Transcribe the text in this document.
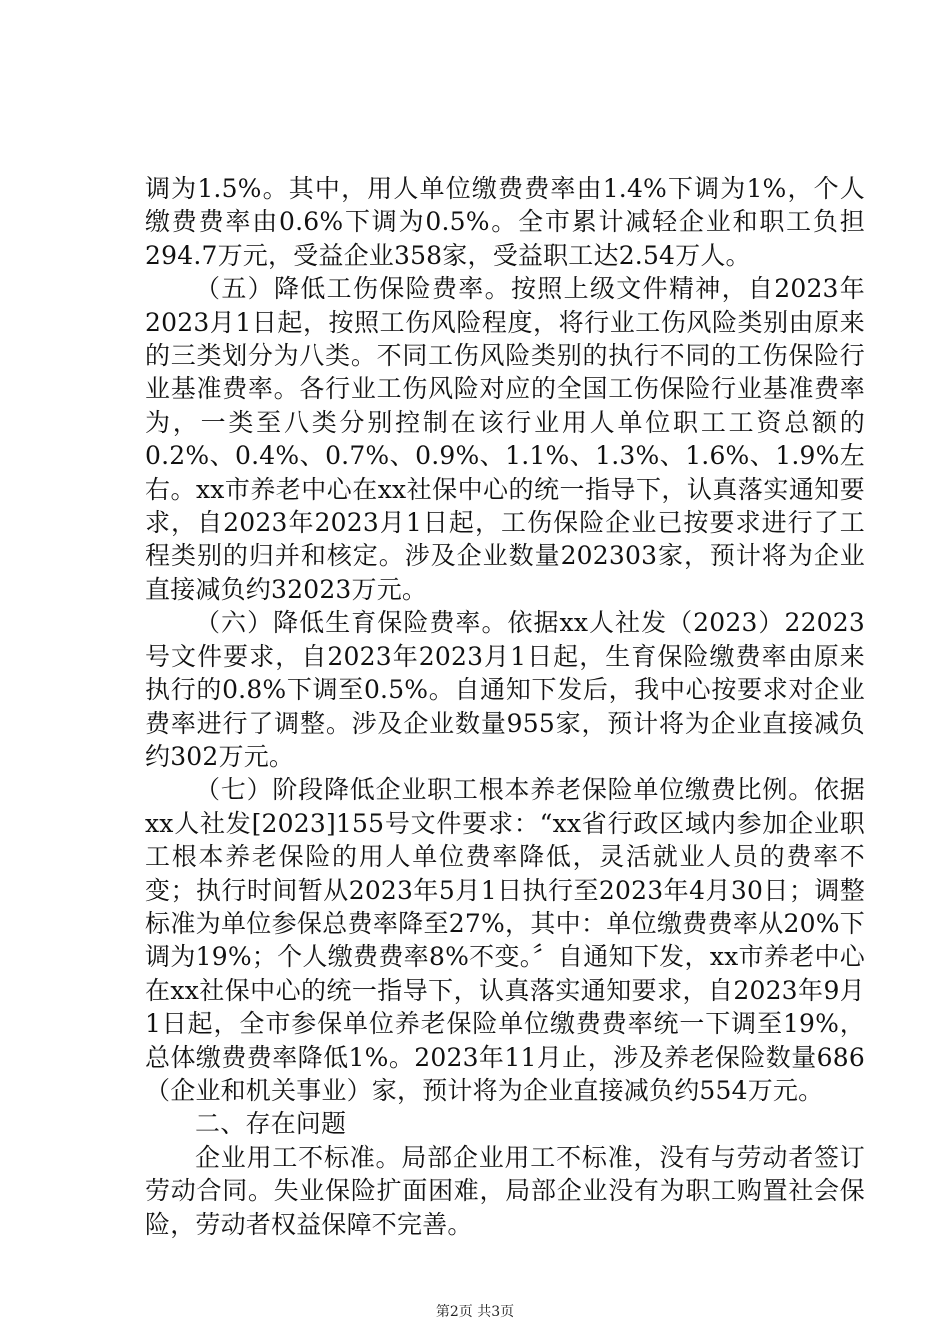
调为1.5%。其中，用人单位缴费费率由1.4%下调为1%，个人缴费费率由0.6%下调为0.5%。全市累计减轻企业和职工负担294.7万元，受益企业358家，受益职工达2.54万人。

（五）降低工伤保险费率。按照上级文件精神，自2023年2023月1日起，按照工伤风险程度，将行业工伤风险类别由原来的三类划分为八类。不同工伤风险类别的执行不同的工伤保险行业基准费率。各行业工伤风险对应的全国工伤保险行业基准费率为，一类至八类分别控制在该行业用人单位职工工资总额的0.2%、0.4%、0.7%、0.9%、1.1%、1.3%、1.6%、1.9%左右。xx市养老中心在xx社保中心的统一指导下，认真落实通知要求，自2023年2023月1日起，工伤保险企业已按要求进行了工程类别的归并和核定。涉及企业数量202303家，预计将为企业直接减负约32023万元。

（六）降低生育保险费率。依据xx人社发（2023）22023号文件要求，自2023年2023月1日起，生育保险缴费率由原来执行的0.8%下调至0.5%。自通知下发后，我中心按要求对企业费率进行了调整。涉及企业数量955家，预计将为企业直接减负约302万元。

（七）阶段降低企业职工根本养老保险单位缴费比例。依据xx人社发[2023]155号文件要求：“xx省行政区域内参加企业职工根本养老保险的用人单位费率降低，灵活就业人员的费率不变；执行时间暂从2023年5月1日执行至2023年4月30日；调整标准为单位参保总费率降至27%，其中：单位缴费费率从20%下调为19%；个人缴费费率8%不变。〞自通知下发，xx市养老中心在xx社保中心的统一指导下，认真落实通知要求，自2023年9月1日起，全市参保单位养老保险单位缴费费率统一下调至19%，总体缴费费率降低1%。2023年11月止，涉及养老保险数量686（企业和机关事业）家，预计将为企业直接减负约554万元。

二、存在问题

企业用工不标准。局部企业用工不标准，没有与劳动者签订劳动合同。失业保险扩面困难，局部企业没有为职工购置社会保险，劳动者权益保障不完善。

第2页 共3页
